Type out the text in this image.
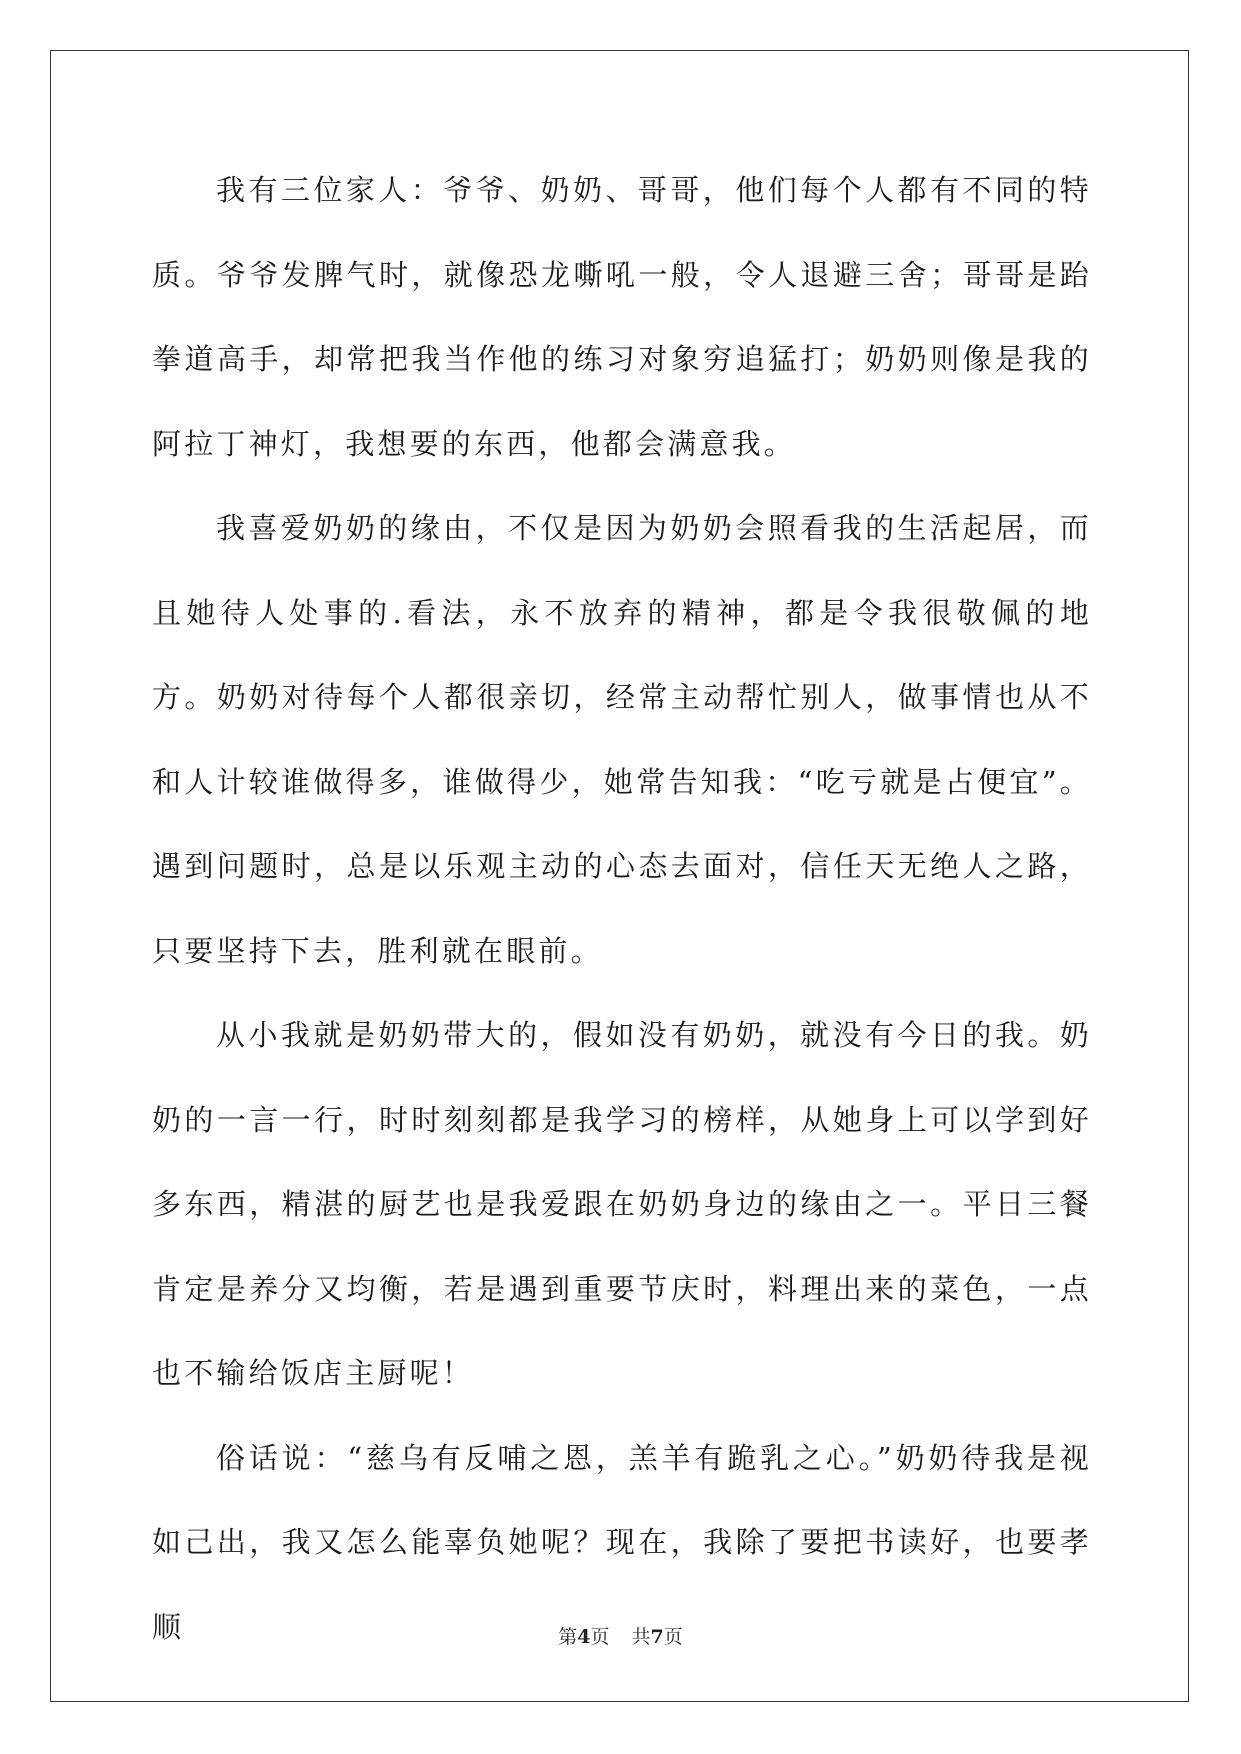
我有三位家人：爷爷、奶奶、哥哥，他们每个人都有不同的特质。爷爷发脾气时，就像恐龙嘶吼一般，令人退避三舍；哥哥是跆拳道高手，却常把我当作他的练习对象穷追猛打；奶奶则像是我的阿拉丁神灯，我想要的东西，他都会满意我。

我喜爱奶奶的缘由，不仅是因为奶奶会照看我的生活起居，而且她待人处事的.看法，永不放弃的精神，都是令我很敬佩的地方。奶奶对待每个人都很亲切，经常主动帮忙别人，做事情也从不和人计较谁做得多，谁做得少，她常告知我：“吃亏就是占便宜”。遇到问题时，总是以乐观主动的心态去面对，信任天无绝人之路，只要坚持下去，胜利就在眼前。

从小我就是奶奶带大的，假如没有奶奶，就没有今日的我。奶奶的一言一行，时时刻刻都是我学习的榜样，从她身上可以学到好多东西，精湛的厨艺也是我爱跟在奶奶身边的缘由之一。平日三餐肯定是养分又均衡，若是遇到重要节庆时，料理出来的菜色，一点也不输给饭店主厨呢！

俗话说：“慈乌有反哺之恩，羔羊有跪乳之心。”奶奶待我是视如己出，我又怎么能辜负她呢？现在，我除了要把书读好，也要孝顺	第4页 共7页
